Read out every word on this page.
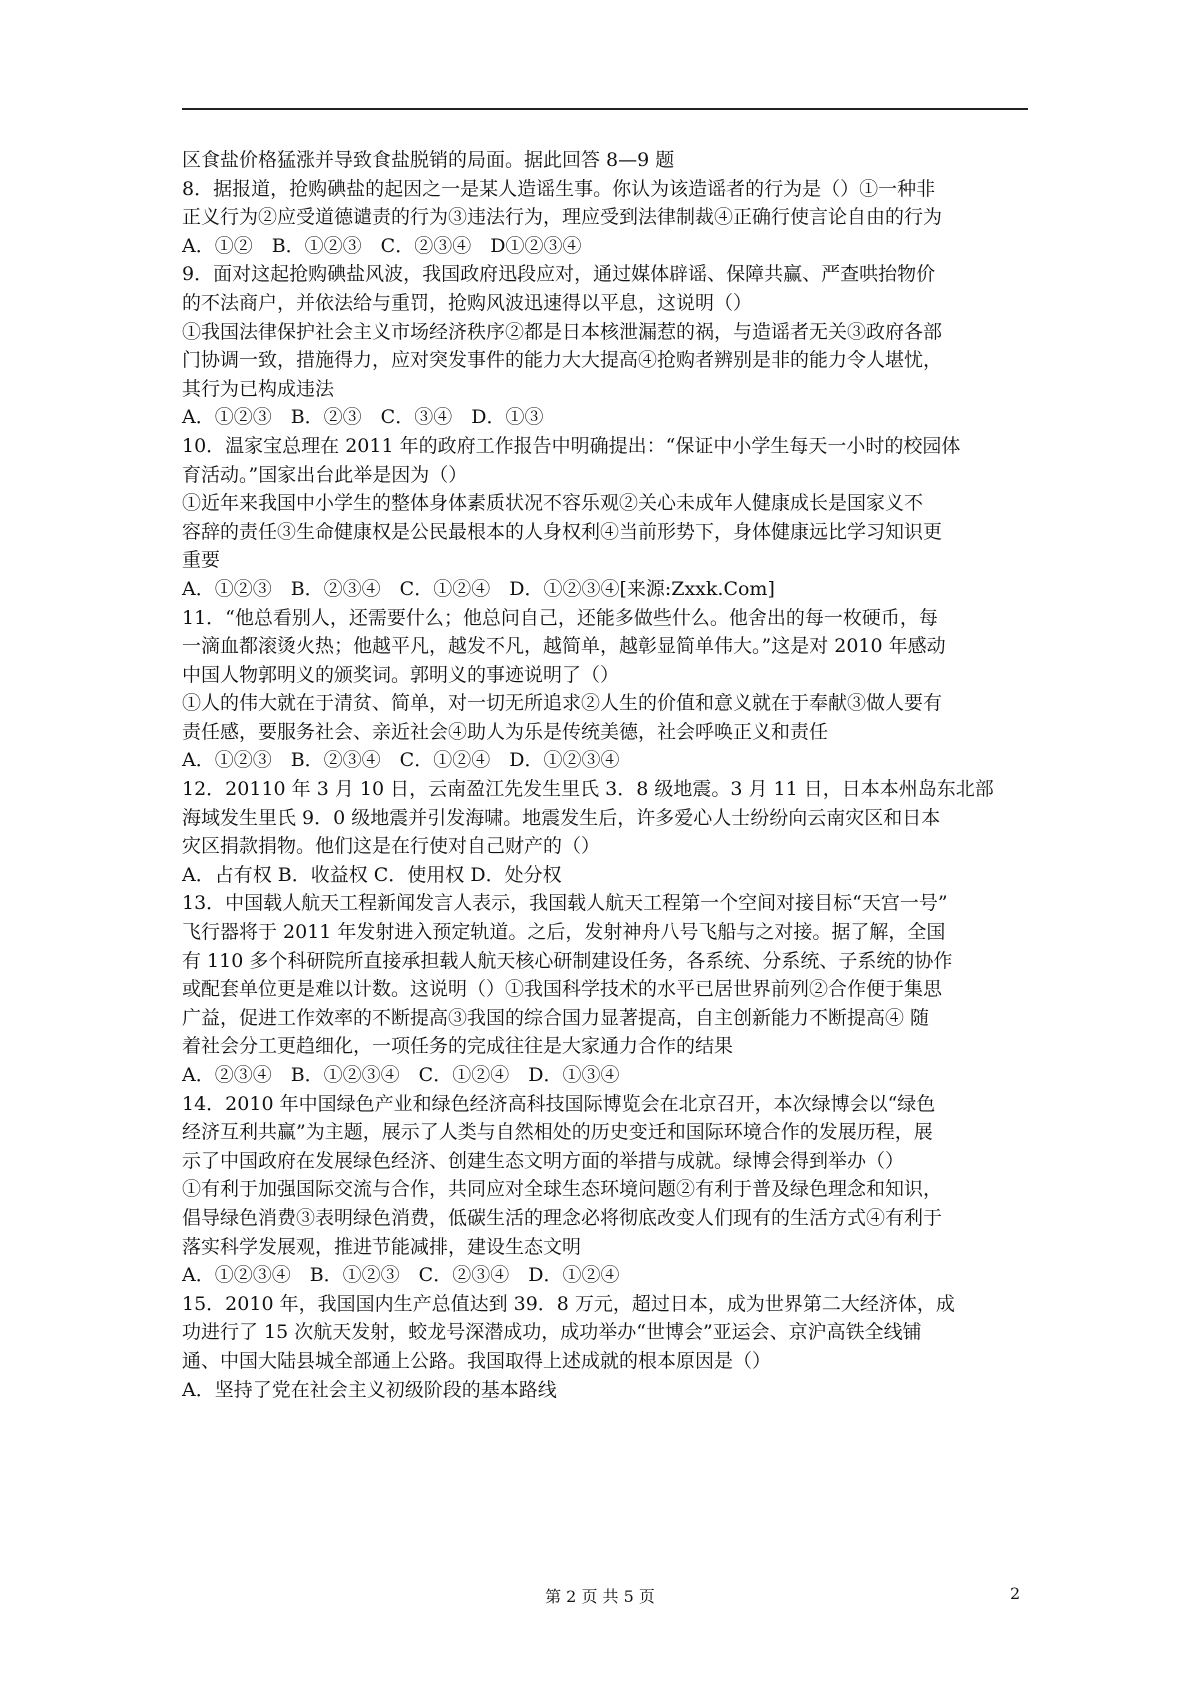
区食盐价格猛涨并导致食盐脱销的局面。据此回答 8—9 题

8．据报道，抢购碘盐的起因之一是某人造谣生事。你认为该造谣者的行为是（）①一种非

正义行为②应受道德谴责的行为③违法行为，理应受到法律制裁④正确行使言论自由的行为

A．①②　B．①②③　C．②③④　D①②③④

9．面对这起抢购碘盐风波，我国政府迅段应对，通过媒体辟谣、保障共赢、严查哄抬物价

的不法商户，并依法给与重罚，抢购风波迅速得以平息，这说明（）

①我国法律保护社会主义市场经济秩序②都是日本核泄漏惹的祸，与造谣者无关③政府各部

门协调一致，措施得力，应对突发事件的能力大大提高④抢购者辨别是非的能力令人堪忧，

其行为已构成违法

A．①②③　B．②③　C．③④　D．①③

10．温家宝总理在 2011 年的政府工作报告中明确提出：“保证中小学生每天一小时的校园体

育活动。”国家出台此举是因为（）

①近年来我国中小学生的整体身体素质状况不容乐观②关心未成年人健康成长是国家义不

容辞的责任③生命健康权是公民最根本的人身权利④当前形势下，身体健康远比学习知识更

重要

A．①②③　B．②③④　C．①②④　D．①②③④[来源:Zxxk.Com]

11．“他总看别人，还需要什么；他总问自己，还能多做些什么。他舍出的每一枚硬币，每

一滴血都滚烫火热；他越平凡，越发不凡，越简单，越彰显简单伟大。”这是对 2010 年感动

中国人物郭明义的颁奖词。郭明义的事迹说明了（）

①人的伟大就在于清贫、简单，对一切无所追求②人生的价值和意义就在于奉献③做人要有

责任感，要服务社会、亲近社会④助人为乐是传统美德，社会呼唤正义和责任

A．①②③　B．②③④　C．①②④　D．①②③④

12．20110 年 3 月 10 日，云南盈江先发生里氏 3．8 级地震。3 月 11 日，日本本州岛东北部

海域发生里氏 9．0 级地震并引发海啸。地震发生后，许多爱心人士纷纷向云南灾区和日本

灾区捐款捐物。他们这是在行使对自己财产的（）

A．占有权 B．收益权 C．使用权 D．处分权

13．中国载人航天工程新闻发言人表示，我国载人航天工程第一个空间对接目标“天宫一号”

飞行器将于 2011 年发射进入预定轨道。之后，发射神舟八号飞船与之对接。据了解，全国

有 110 多个科研院所直接承担载人航天核心研制建设任务，各系统、分系统、子系统的协作

或配套单位更是难以计数。这说明（）①我国科学技术的水平已居世界前列②合作便于集思

广益，促进工作效率的不断提高③我国的综合国力显著提高，自主创新能力不断提高④ 随

着社会分工更趋细化，一项任务的完成往往是大家通力合作的结果

A．②③④　B．①②③④　C．①②④　D．①③④

14．2010 年中国绿色产业和绿色经济高科技国际博览会在北京召开，本次绿博会以“绿色

经济互利共赢”为主题，展示了人类与自然相处的历史变迁和国际环境合作的发展历程，展

示了中国政府在发展绿色经济、创建生态文明方面的举措与成就。绿博会得到举办（）

①有利于加强国际交流与合作，共同应对全球生态环境问题②有利于普及绿色理念和知识，

倡导绿色消费③表明绿色消费，低碳生活的理念必将彻底改变人们现有的生活方式④有利于

落实科学发展观，推进节能减排，建设生态文明

A．①②③④　B．①②③　C．②③④　D．①②④

15．2010 年，我国国内生产总值达到 39．8 万元，超过日本，成为世界第二大经济体，成

功进行了 15 次航天发射，蛟龙号深潜成功，成功举办“世博会”亚运会、京沪高铁全线铺

通、中国大陆县城全部通上公路。我国取得上述成就的根本原因是（）

A．坚持了党在社会主义初级阶段的基本路线

第 2 页 共 5 页	2
